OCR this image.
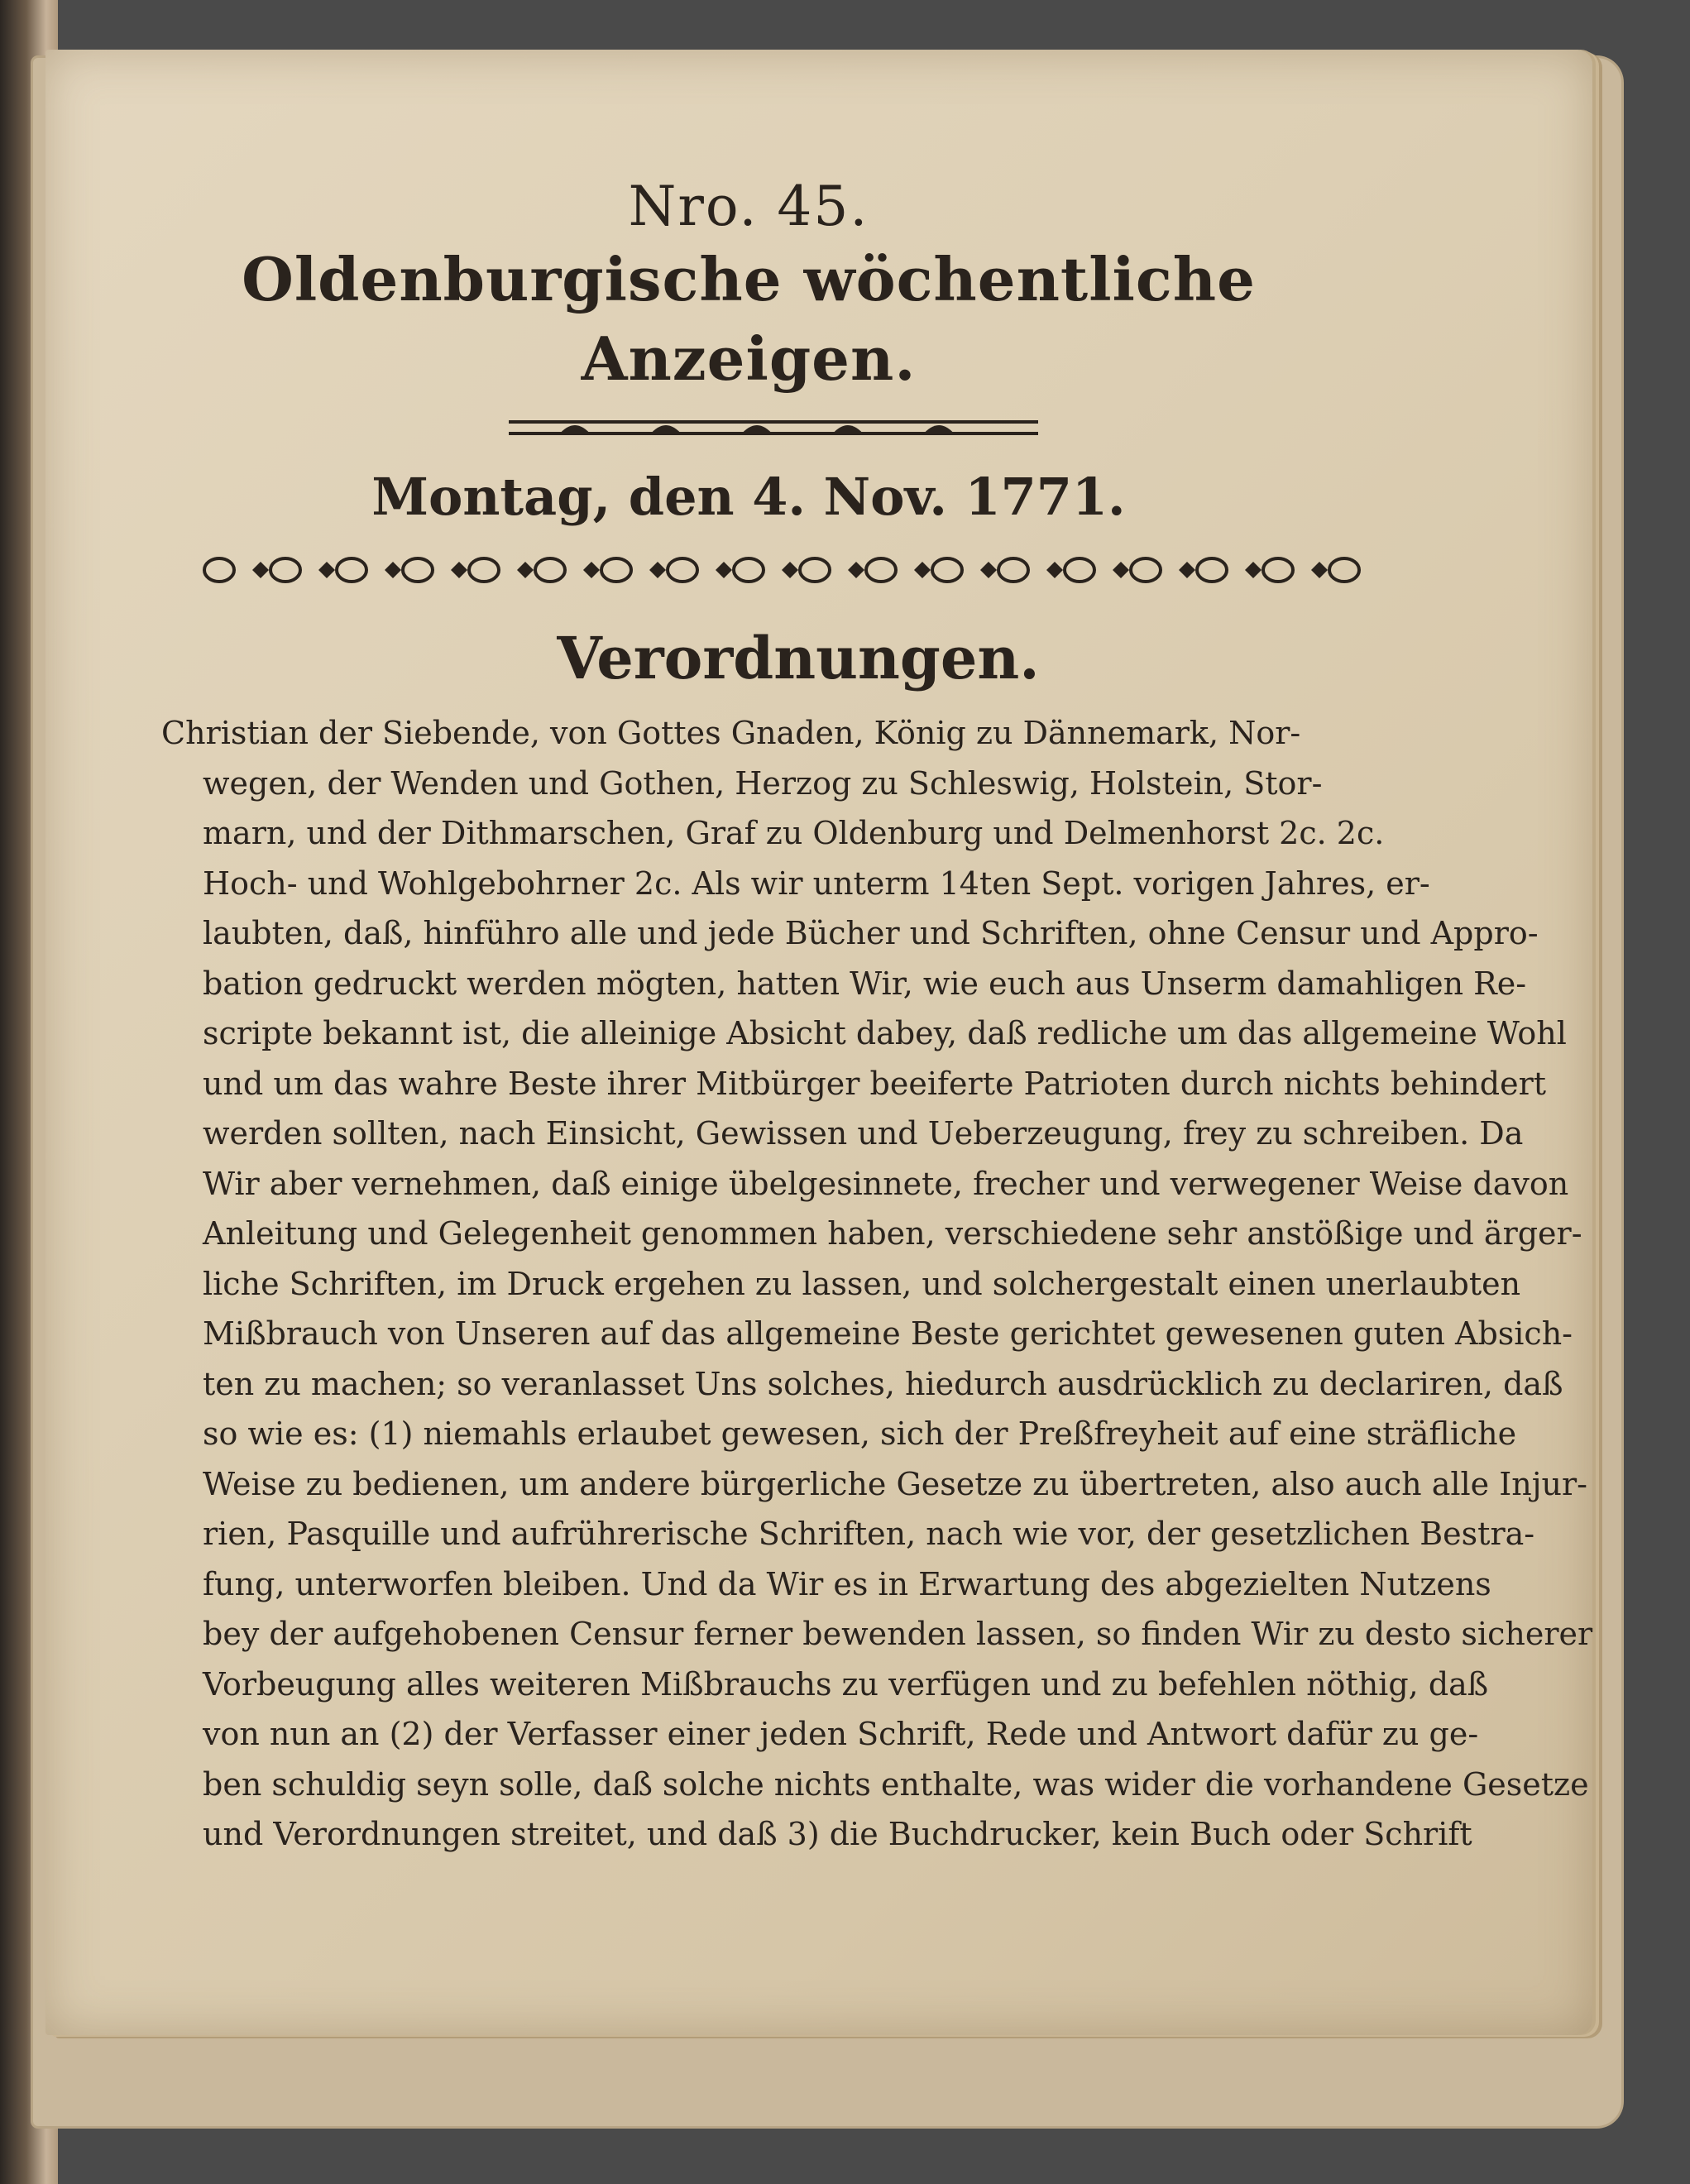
Nro. 45.
Oldenburgische wöchentliche Anzeigen.
Montag, den 4. Nov. 1771.
Verordnungen.
Christian der Siebende, von Gottes Gnaden, König zu Dännemark, Nor-
wegen, der Wenden und Gothen, Herzog zu Schleswig, Holstein, Stor-
marn, und der Dithmarschen, Graf zu Oldenburg und Delmenhorst 2c. 2c.
Hoch- und Wohlgebohrner 2c. Als wir unterm 14ten Sept. vorigen Jahres, er-
laubten, daß, hinführo alle und jede Bücher und Schriften, ohne Censur und Appro-
bation gedruckt werden mögten, hatten Wir, wie euch aus Unserm damahligen Re-
scripte bekannt ist, die alleinige Absicht dabey, daß redliche um das allgemeine Wohl
und um das wahre Beste ihrer Mitbürger beeiferte Patrioten durch nichts behindert
werden sollten, nach Einsicht, Gewissen und Ueberzeugung, frey zu schreiben. Da
Wir aber vernehmen, daß einige übelgesinnete, frecher und verwegener Weise davon
Anleitung und Gelegenheit genommen haben, verschiedene sehr anstößige und ärger-
liche Schriften, im Druck ergehen zu lassen, und solchergestalt einen unerlaubten
Mißbrauch von Unseren auf das allgemeine Beste gerichtet gewesenen guten Absich-
ten zu machen; so veranlasset Uns solches, hiedurch ausdrücklich zu declariren, daß
so wie es: (1) niemahls erlaubet gewesen, sich der Preßfreyheit auf eine sträfliche
Weise zu bedienen, um andere bürgerliche Gesetze zu übertreten, also auch alle Injur-
rien, Pasquille und aufrührerische Schriften, nach wie vor, der gesetzlichen Bestra-
fung, unterworfen bleiben. Und da Wir es in Erwartung des abgezielten Nutzens
bey der aufgehobenen Censur ferner bewenden lassen, so finden Wir zu desto sicherer
Vorbeugung alles weiteren Mißbrauchs zu verfügen und zu befehlen nöthig, daß
von nun an (2) der Verfasser einer jeden Schrift, Rede und Antwort dafür zu ge-
ben schuldig seyn solle, daß solche nichts enthalte, was wider die vorhandene Gesetze
und Verordnungen streitet, und daß 3) die Buchdrucker, kein Buch oder Schrift
